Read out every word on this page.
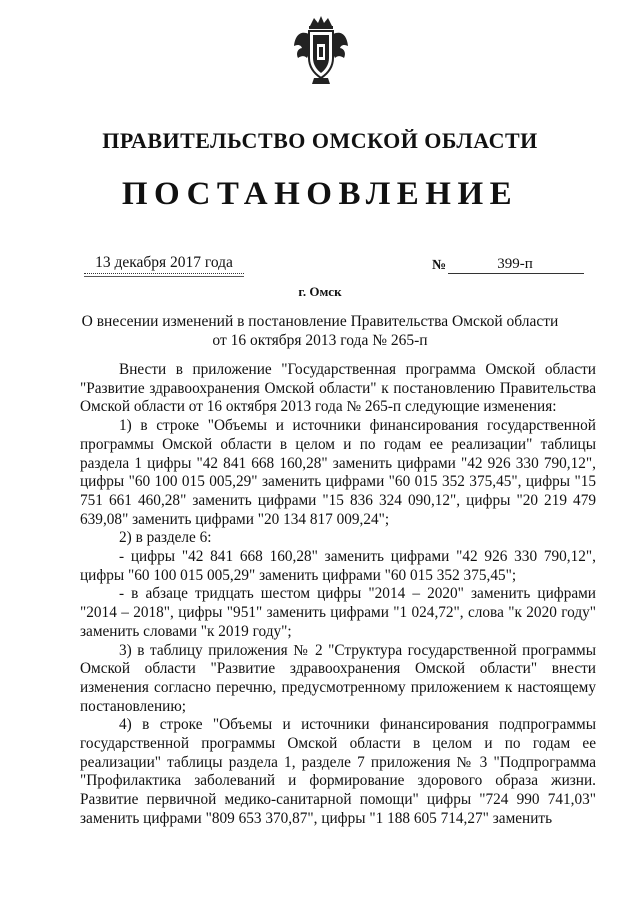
ПРАВИТЕЛЬСТВО ОМСКОЙ ОБЛАСТИ
ПОСТАНОВЛЕНИЕ
13 декабря 2017 года	№	399-п
г. Омск

О внесении изменений в постановление Правительства Омской области

от 16 октября 2013 года № 265-п

Внести в приложение "Государственная программа Омской области "Развитие здравоохранения Омской области" к постановлению Правительства Омской области от 16 октября 2013 года № 265-п следующие изменения:

1) в строке "Объемы и источники финансирования государственной программы Омской области в целом и по годам ее реализации" таблицы раздела 1 цифры "42 841 668 160,28" заменить цифрами "42 926 330 790,12", цифры "60 100 015 005,29" заменить цифрами "60 015 352 375,45", цифры "15 751 661 460,28" заменить цифрами "15 836 324 090,12", цифры "20 219 479 639,08" заменить цифрами "20 134 817 009,24";

2) в разделе 6:

- цифры "42 841 668 160,28" заменить цифрами "42 926 330 790,12", цифры "60 100 015 005,29" заменить цифрами "60 015 352 375,45";

- в абзаце тридцать шестом цифры "2014 – 2020" заменить цифрами "2014 – 2018", цифры "951" заменить цифрами "1 024,72", слова "к 2020 году" заменить словами "к 2019 году";

3) в таблицу приложения № 2 "Структура государственной программы Омской области "Развитие здравоохранения Омской области" внести изменения согласно перечню, предусмотренному приложением к настоящему постановлению;

4) в строке "Объемы и источники финансирования подпрограммы государственной программы Омской области в целом и по годам ее реализации" таблицы раздела 1, разделе 7 приложения № 3 "Подпрограмма "Профилактика заболеваний и формирование здорового образа жизни. Развитие первичной медико-санитарной помощи" цифры "724 990 741,03" заменить цифрами "809 653 370,87", цифры "1 188 605 714,27" заменить
